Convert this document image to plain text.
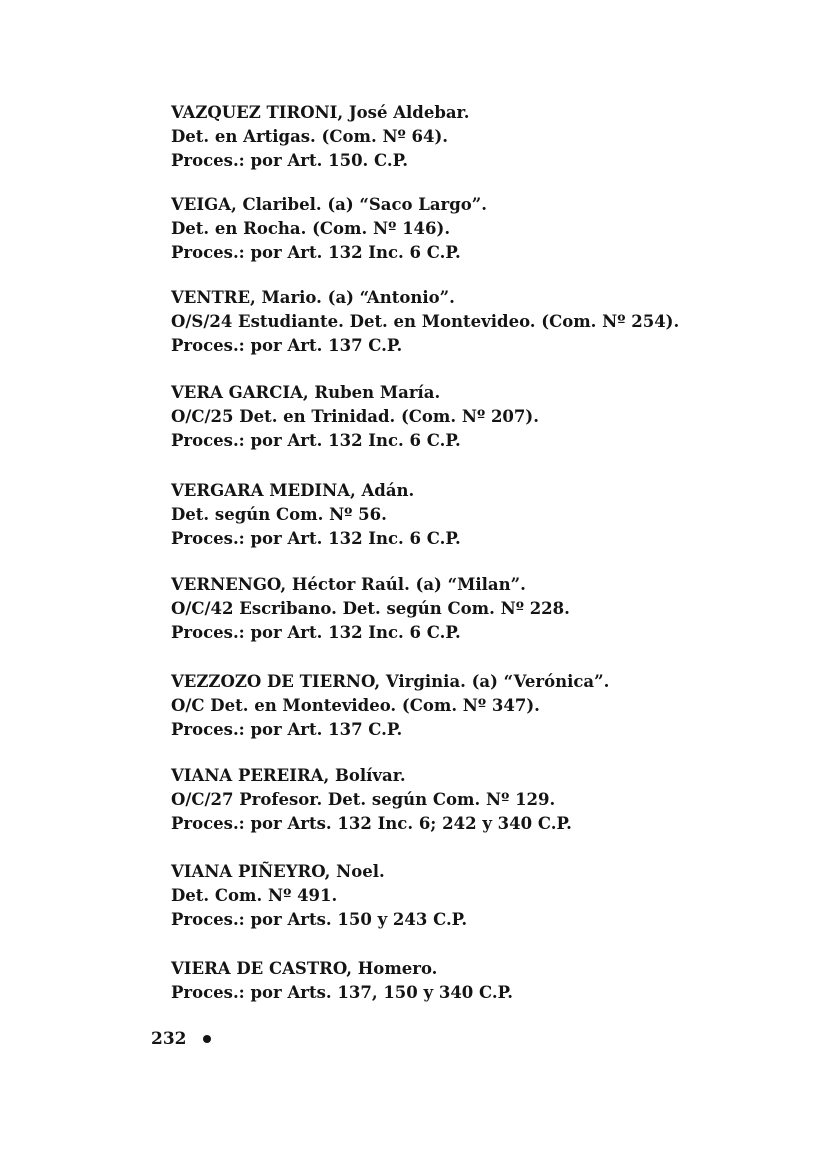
VAZQUEZ TIRONI, José Aldebar.
Det. en Artigas. (Com. Nº 64).
Proces.: por Art. 150. C.P.
VEIGA, Claribel. (a) “Saco Largo”.
Det. en Rocha. (Com. Nº 146).
Proces.: por Art. 132 Inc. 6 C.P.
VENTRE, Mario. (a) “Antonio”.
O/S/24 Estudiante. Det. en Montevideo. (Com. Nº 254).
Proces.: por Art. 137 C.P.
VERA GARCIA, Ruben María.
O/C/25 Det. en Trinidad. (Com. Nº 207).
Proces.: por Art. 132 Inc. 6 C.P.
VERGARA MEDINA, Adán.
Det. según Com. Nº 56.
Proces.: por Art. 132 Inc. 6 C.P.
VERNENGO, Héctor Raúl. (a) “Milan”.
O/C/42 Escribano. Det. según Com. Nº 228.
Proces.: por Art. 132 Inc. 6 C.P.
VEZZOZO DE TIERNO, Virginia. (a) “Verónica”.
O/C Det. en Montevideo. (Com. Nº 347).
Proces.: por Art. 137 C.P.
VIANA PEREIRA, Bolívar.
O/C/27 Profesor. Det. según Com. Nº 129.
Proces.: por Arts. 132 Inc. 6; 242 y 340 C.P.
VIANA PIÑEYRO, Noel.
Det. Com. Nº 491.
Proces.: por Arts. 150 y 243 C.P.
VIERA DE CASTRO, Homero.
Proces.: por Arts. 137, 150 y 340 C.P.
232
